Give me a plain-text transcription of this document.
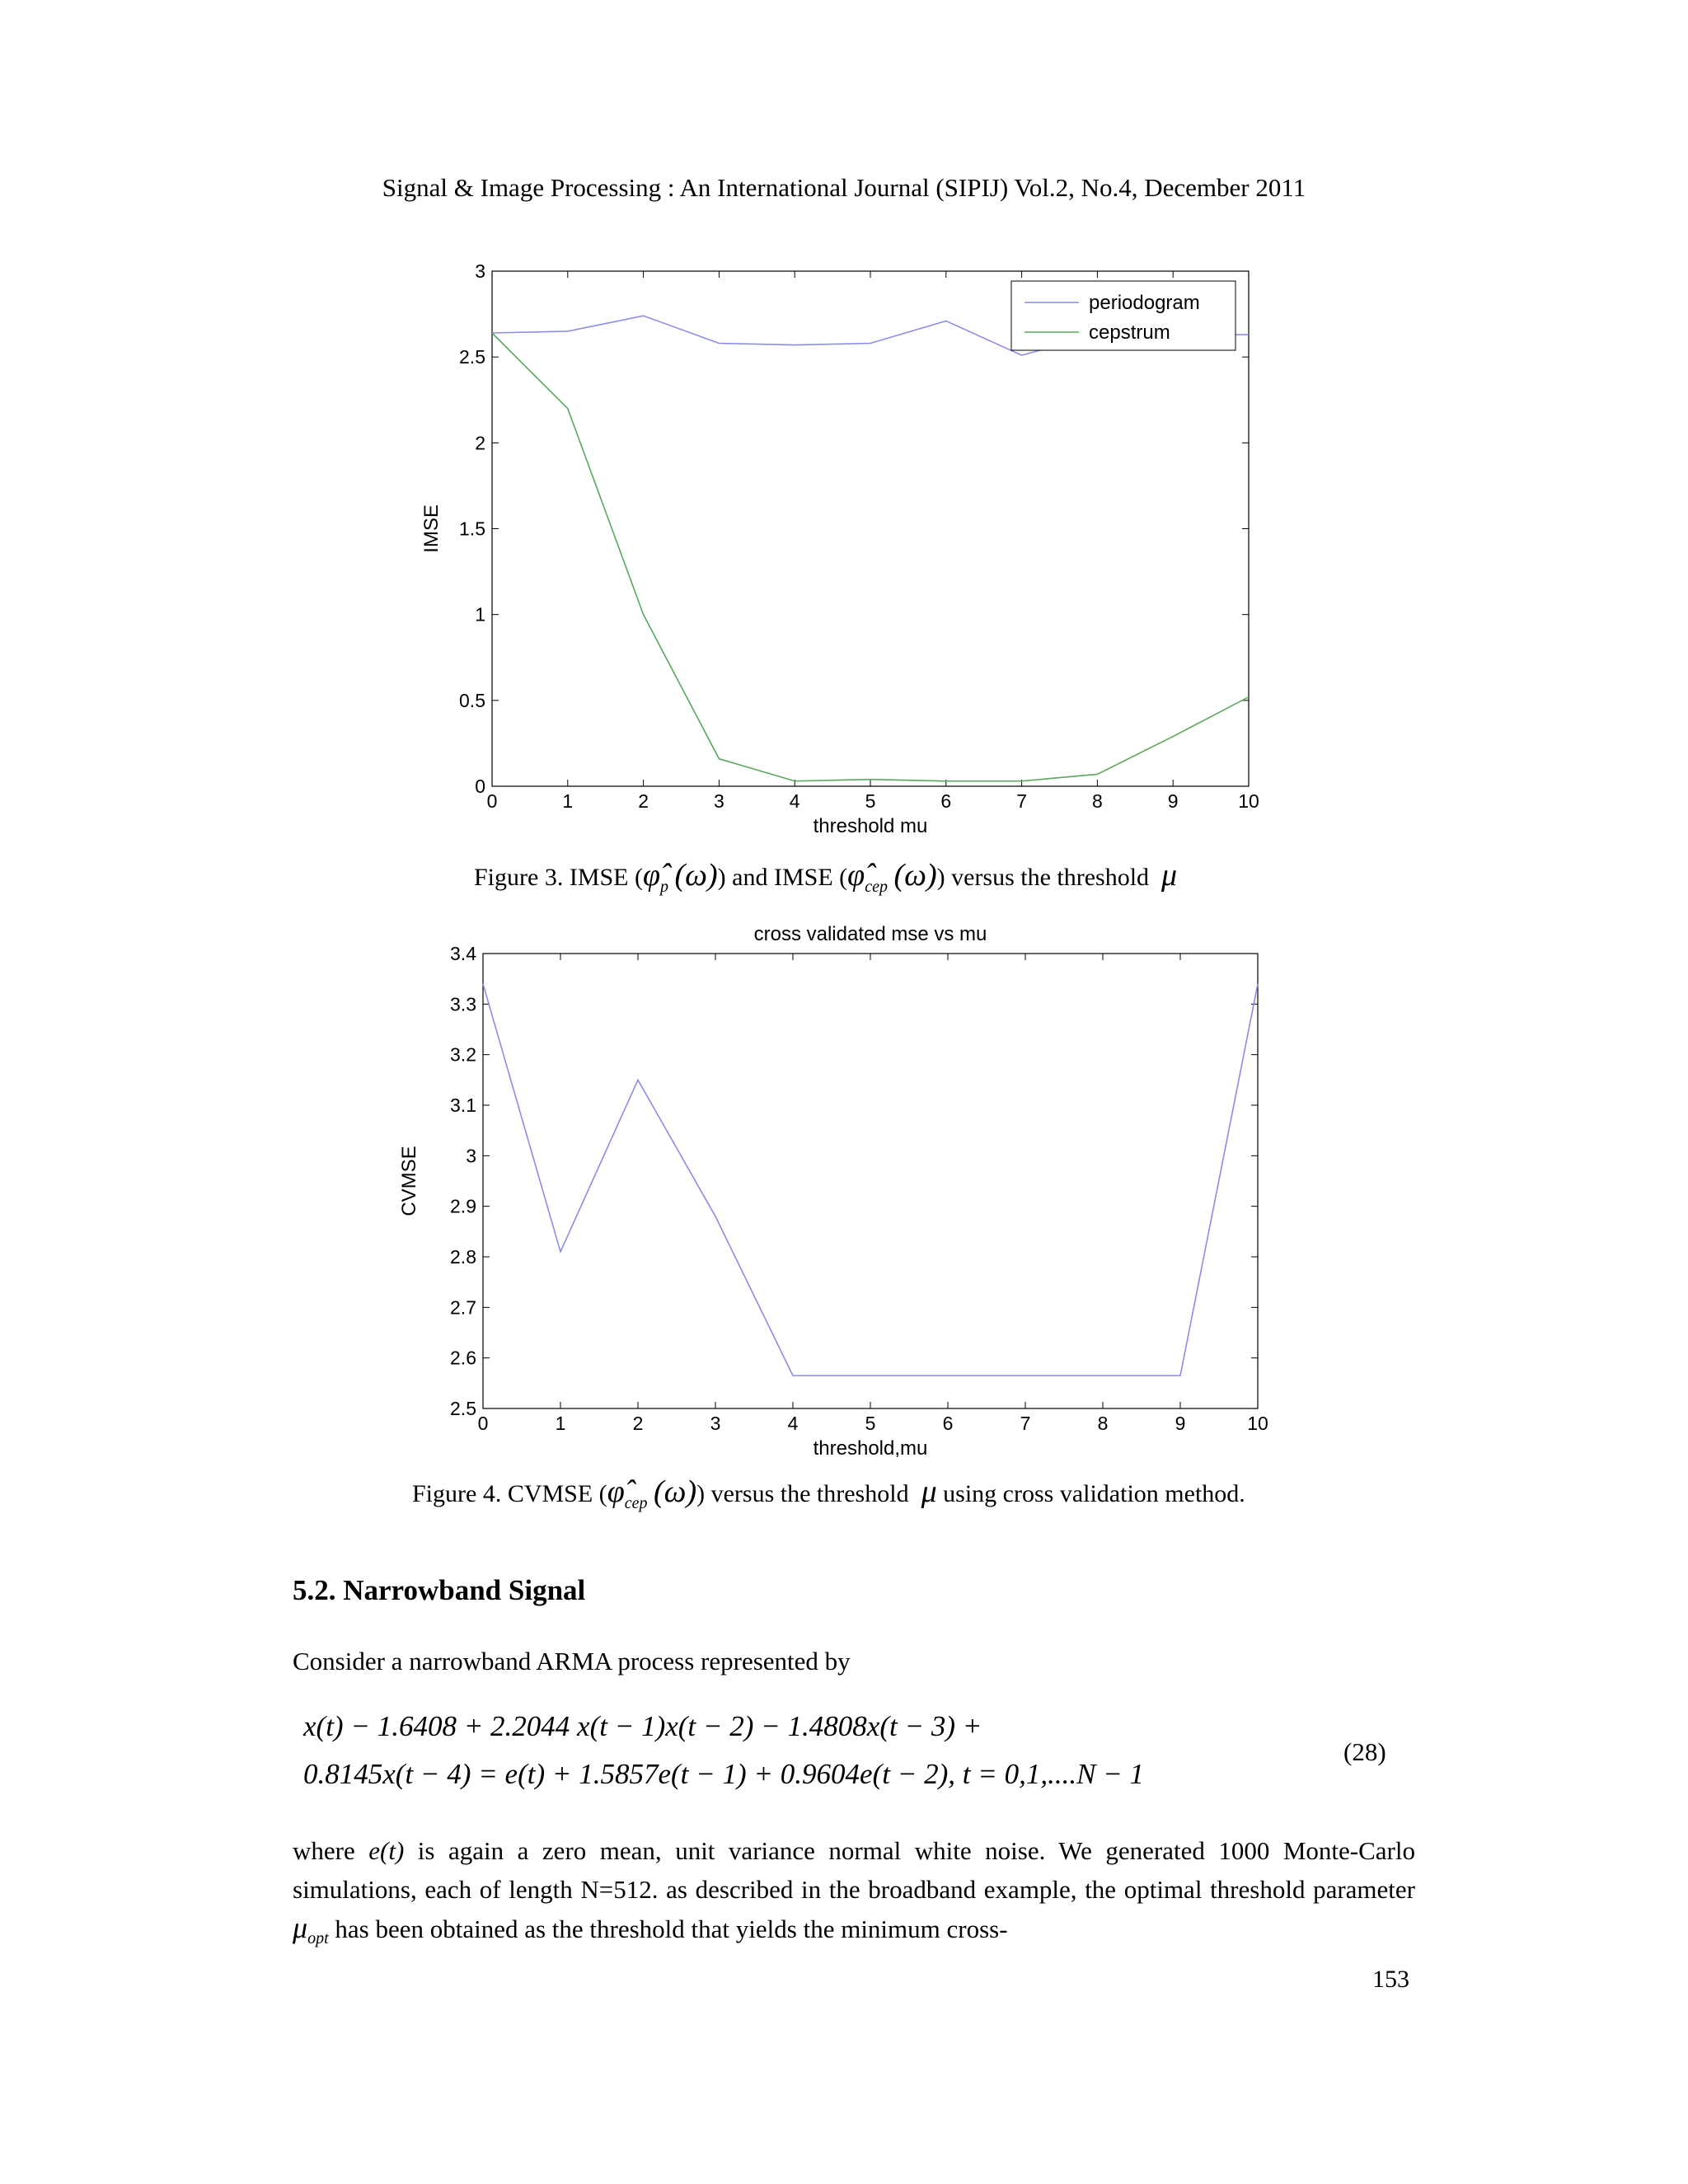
Signal & Image Processing : An International Journal (SIPIJ) Vol.2, No.4, December 2011
0	1	2	3	4	5	6	7	8	9	10
0
0.5
1
1.5
2
2.5
3
periodogram
cepstrum
threshold mu
IMSE
Figure 3. IMSE ($\varphî_p$ (ω)) and IMSE ($\varphî_{cep}$ (ω)) versus the threshold μ
cross validated mse vs mu
0	1	2	3	4	5	6	7	8	9	10
2.5
2.6
2.7
2.8
2.9
3
3.1
3.2
3.3
3.4
threshold,mu
CVMSE
Figure 4. CVMSE ($\varphî_{cep}$ (ω)) versus the threshold μ using cross validation method.
5.2. Narrowband Signal
Consider a narrowband ARMA process represented by
x(t) − 1.6408 + 2.2044 x(t − 1)x(t − 2) − 1.4808x(t − 3) +
0.8145x(t − 4) = e(t) + 1.5857e(t − 1) + 0.9604e(t − 2), t = 0,1,....N − 1
(28)
where e(t) is again a zero mean, unit variance normal white noise. We generated 1000 Monte-Carlo simulations, each of length N=512. as described in the broadband example, the optimal threshold parameter $\mu_{opt}$ has been obtained as the threshold that yields the minimum cross-
153
